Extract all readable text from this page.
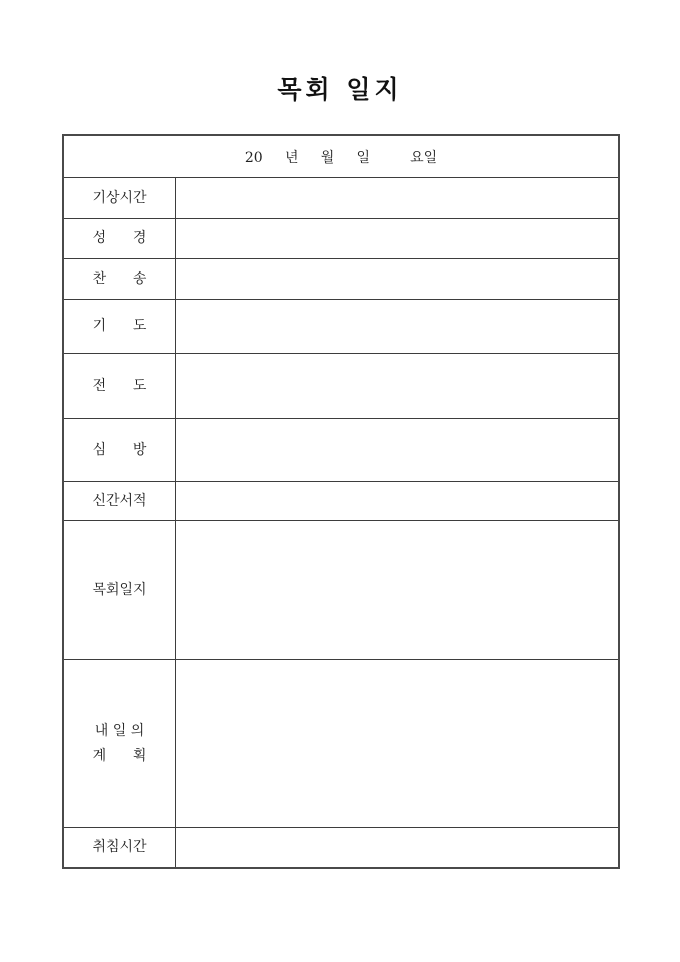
목회 일지
20     년     월     일         요일
기상시간
성      경
찬      송
기      도
전      도
심      방
신간서적
목회일지
내 일 의
계      획
취침시간
